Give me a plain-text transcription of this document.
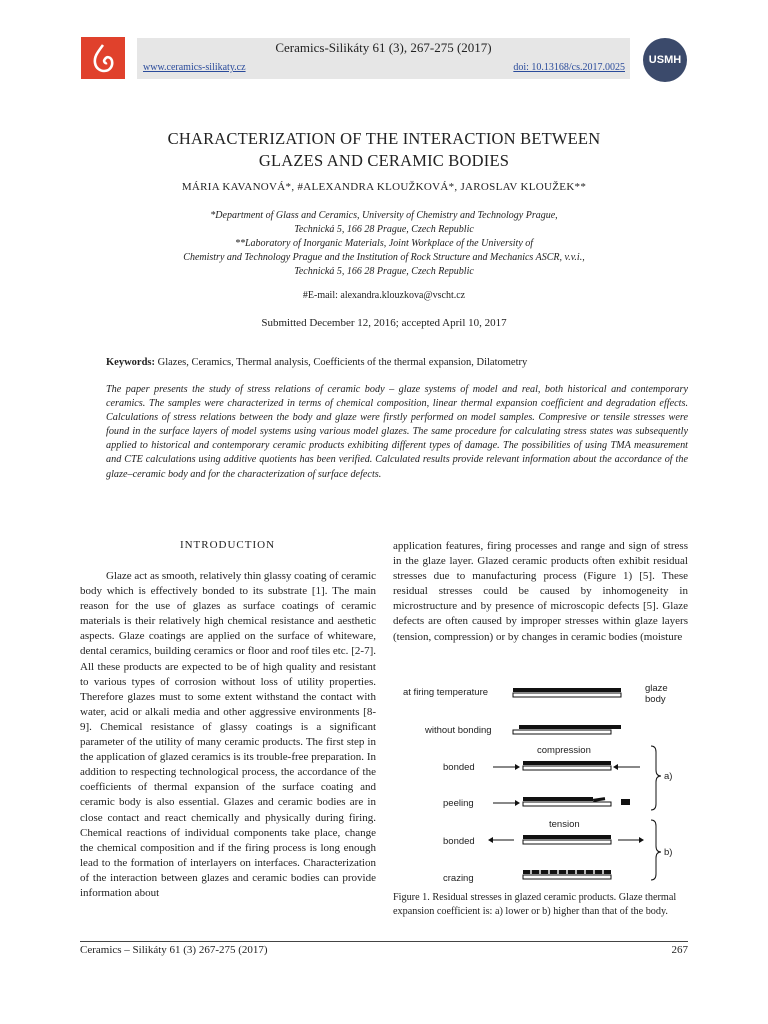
Ceramics-Silikáty 61 (3), 267-275 (2017)
www.ceramics-silikaty.cz	doi: 10.13168/cs.2017.0025
USMH
CHARACTERIZATION OF THE INTERACTION BETWEEN
GLAZES AND CERAMIC BODIES
MÁRIA KAVANOVÁ*, #ALEXANDRA KLOUŽKOVÁ*, JAROSLAV KLOUŽEK**
*Department of Glass and Ceramics, University of Chemistry and Technology Prague,
Technická 5, 166 28 Prague, Czech Republic
**Laboratory of Inorganic Materials, Joint Workplace of the University of
Chemistry and Technology Prague and the Institution of Rock Structure and Mechanics ASCR, v.v.i.,
Technická 5, 166 28 Prague, Czech Republic
#E-mail: alexandra.klouzkova@vscht.cz
Submitted December 12, 2016; accepted April 10, 2017
Keywords: Glazes, Ceramics, Thermal analysis, Coefficients of the thermal expansion, Dilatometry
The paper presents the study of stress relations of ceramic body – glaze systems of model and real, both historical and contemporary ceramics. The samples were characterized in terms of chemical composition, linear thermal expansion coefficient and degradation effects. Calculations of stress relations between the body and glaze were firstly performed on model samples. Compresive or tensile stresses were found in the surface layers of model systems using various model glazes. The same procedure for calculating stress states was subsequently applied to historical and contemporary ceramic products exhibiting different types of damage. The possibilities of using TMA measurement and CTE calculations using additive quotients has been verified. Calculated results provide relevant information about the accordance of the glaze–ceramic body and for the characterization of surface defects.
INTRODUCTION

Glaze act as smooth, relatively thin glassy coating of ceramic body which is effectively bonded to its substrate [1]. The main reason for the use of glazes as surface coatings of ceramic materials is their relatively high chemical resistance and aesthetic aspects. Glaze coatings are applied on the surface of whiteware, dental ceramics, building ceramics or floor and roof tiles etc. [2-7]. All these products are expected to be of high quality and resistant to various types of corrosion without loss of utility properties. Therefore glazes must to some extent withstand the contact with water, acid or alkali media and other aggressive environments [8-9]. Chemical resistance of glassy coatings is a significant parameter of the utility of many ceramic products. The first step in the application of glazed ceramics is its trouble-free preparation. In addition to respecting technological process, the accordance of the coefficients of thermal expansion of the surface coating and ceramic body is also essential. Glazes and ceramic bodies are in close contact and react chemically and physically during firing. Chemical reactions of individual components take place, change the chemical composition and if the firing process is long enough lead to the formation of interlayers on interfaces. Characterization of the interaction between glazes and ceramic bodies can provide information about

application features, firing processes and range and sign of stress in the glaze layer. Glazed ceramic products often exhibit residual stresses due to manufacturing process (Figure 1) [5]. These residual stresses could be caused by inhomogeneity in microstructure and by presence of microscopic defects [5]. Glaze defects are often caused by improper stresses within glaze layers (tension, compression) or by changes in ceramic bodies (moisture

at firing temperature	glaze
body
without bonding
compression
bonded
peeling
a)
tension
bonded
crazing
b)
Figure 1. Residual stresses in glazed ceramic products. Glaze thermal expansion coefficient is: a) lower or b) higher than that of the body.
Ceramics – Silikáty 61 (3) 267-275 (2017)	267
